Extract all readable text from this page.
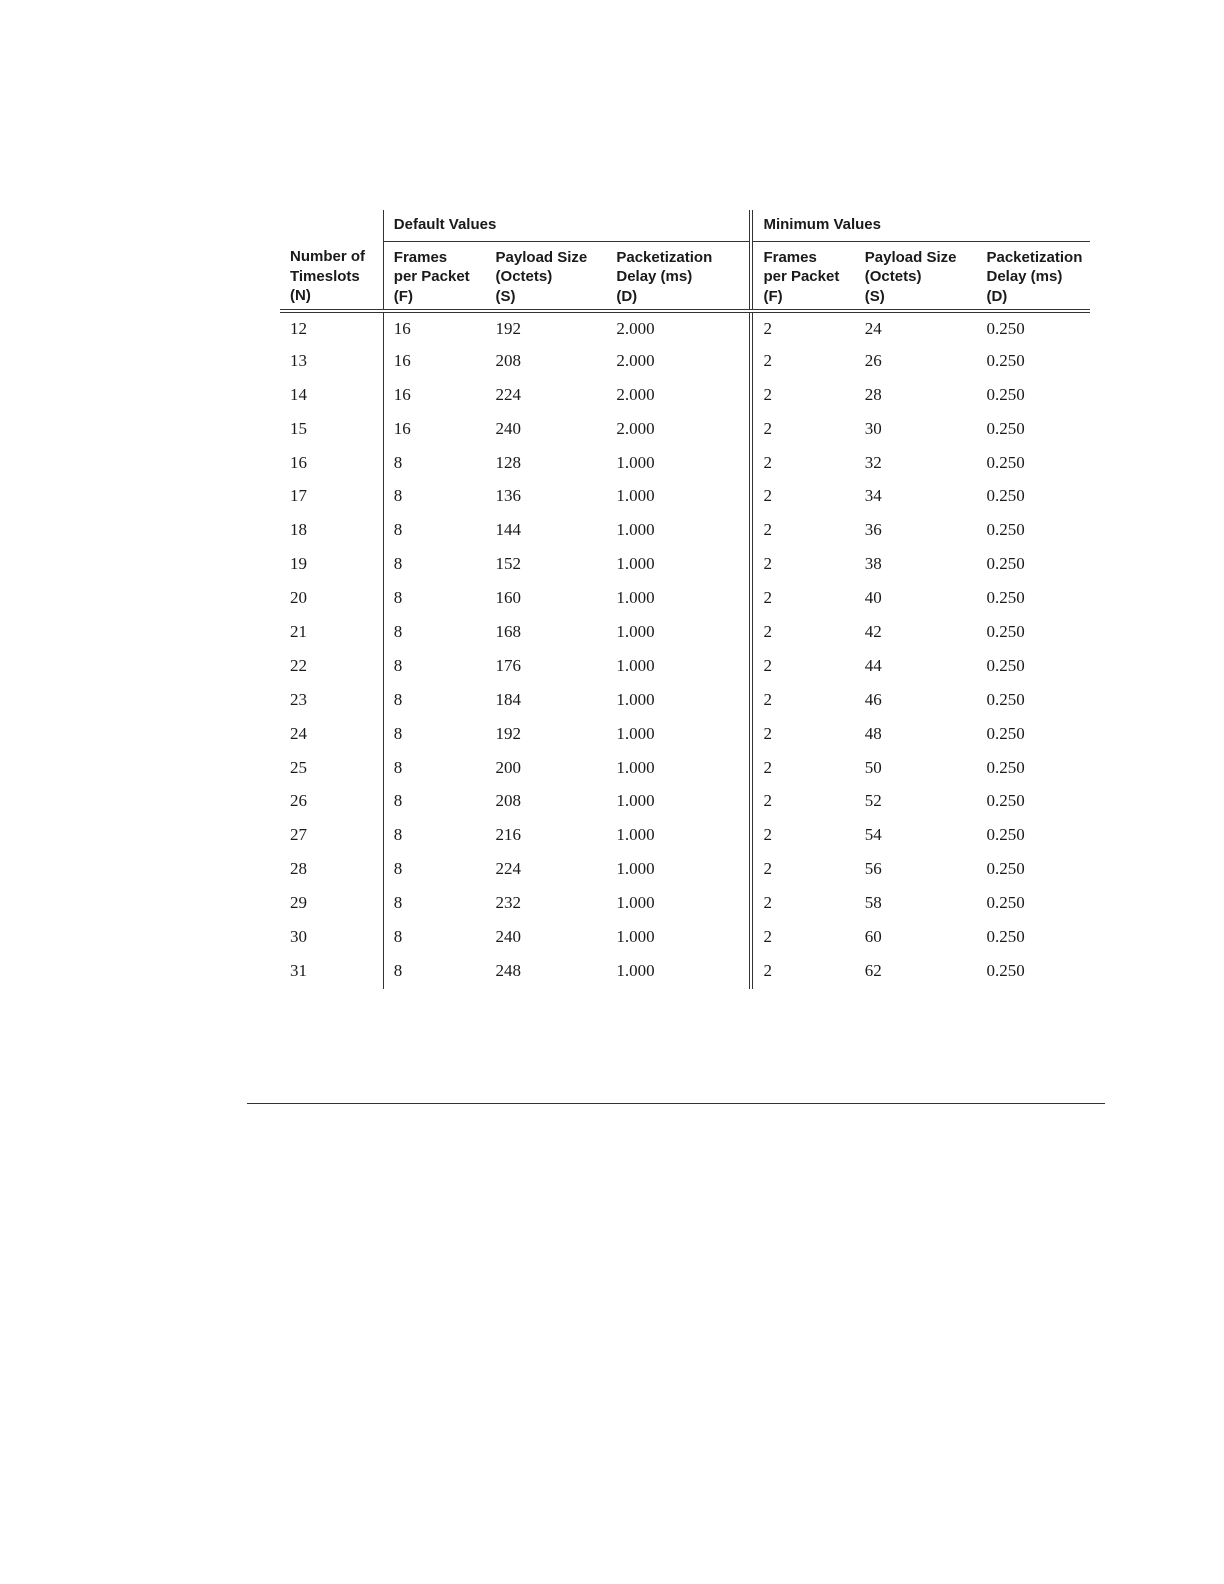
	Default Values			Minimum Values		
Number of
Timeslots
(N)	Frames
per Packet
(F)	Payload Size
(Octets)
(S)	Packetization
Delay (ms)
(D)	Frames
per Packet
(F)	Payload Size
(Octets)
(S)	Packetization
Delay (ms)
(D)
12	16	192	2.000	2	24	0.250
13	16	208	2.000	2	26	0.250
14	16	224	2.000	2	28	0.250
15	16	240	2.000	2	30	0.250
16	8	128	1.000	2	32	0.250
17	8	136	1.000	2	34	0.250
18	8	144	1.000	2	36	0.250
19	8	152	1.000	2	38	0.250
20	8	160	1.000	2	40	0.250
21	8	168	1.000	2	42	0.250
22	8	176	1.000	2	44	0.250
23	8	184	1.000	2	46	0.250
24	8	192	1.000	2	48	0.250
25	8	200	1.000	2	50	0.250
26	8	208	1.000	2	52	0.250
27	8	216	1.000	2	54	0.250
28	8	224	1.000	2	56	0.250
29	8	232	1.000	2	58	0.250
30	8	240	1.000	2	60	0.250
31	8	248	1.000	2	62	0.250
